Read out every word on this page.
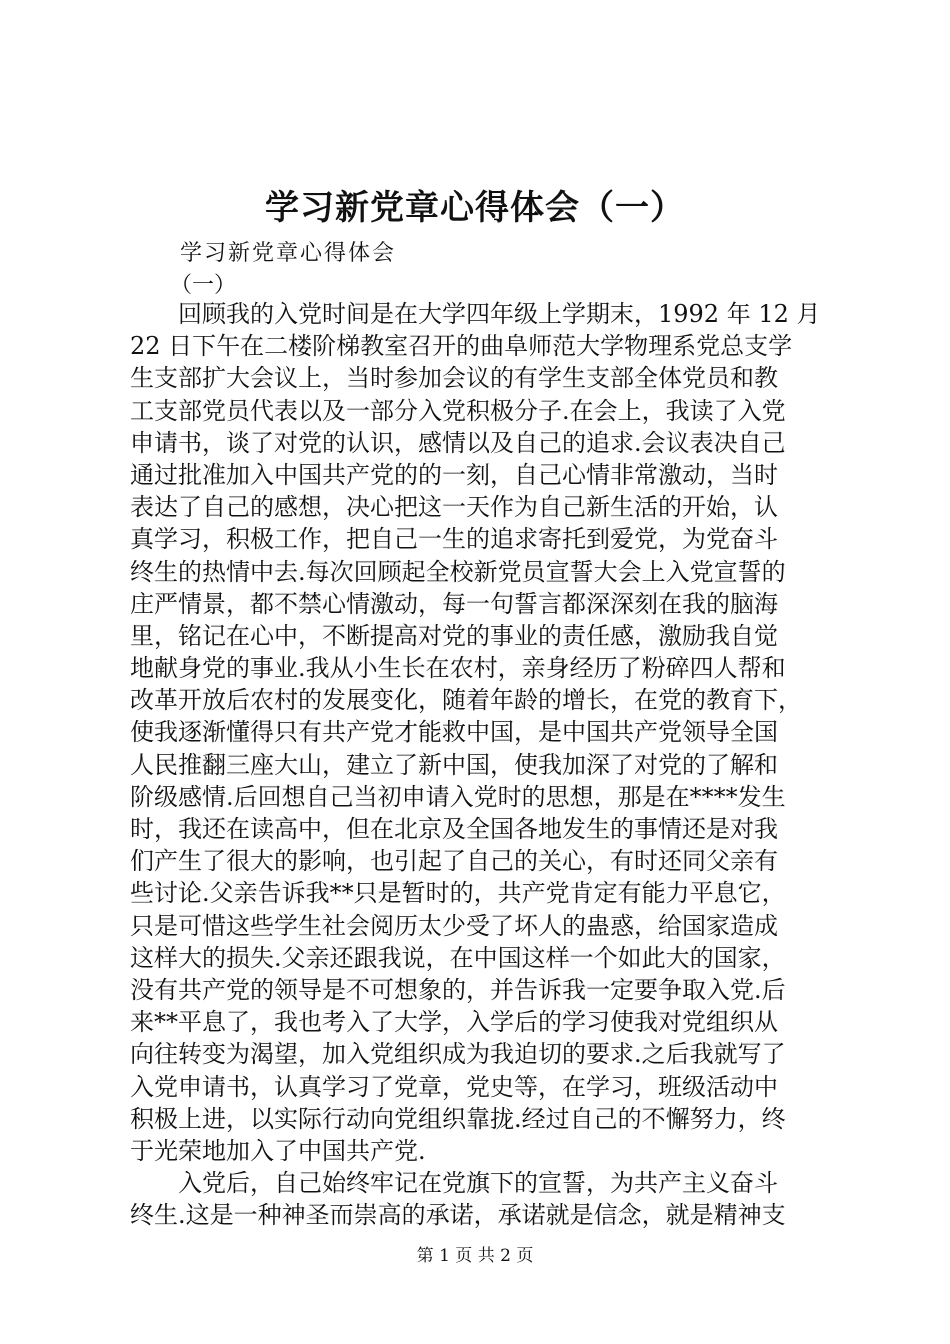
学习新党章心得体会（一）
学习新党章心得体会
（一）
回顾我的入党时间是在大学四年级上学期末，1992 年 12 月
22 日下午在二楼阶梯教室召开的曲阜师范大学物理系党总支学
生支部扩大会议上，当时参加会议的有学生支部全体党员和教
工支部党员代表以及一部分入党积极分子.在会上，我读了入党
申请书，谈了对党的认识，感情以及自己的追求.会议表决自己
通过批准加入中国共产党的的一刻，自己心情非常激动，当时
表达了自己的感想，决心把这一天作为自己新生活的开始，认
真学习，积极工作，把自己一生的追求寄托到爱党，为党奋斗
终生的热情中去.每次回顾起全校新党员宣誓大会上入党宣誓的
庄严情景，都不禁心情激动，每一句誓言都深深刻在我的脑海
里，铭记在心中，不断提高对党的事业的责任感，激励我自觉
地献身党的事业.我从小生长在农村，亲身经历了粉碎四人帮和
改革开放后农村的发展变化，随着年龄的增长，在党的教育下，
使我逐渐懂得只有共产党才能救中国，是中国共产党领导全国
人民推翻三座大山，建立了新中国，使我加深了对党的了解和
阶级感情.后回想自己当初申请入党时的思想，那是在****发生
时，我还在读高中，但在北京及全国各地发生的事情还是对我
们产生了很大的影响，也引起了自己的关心，有时还同父亲有
些讨论.父亲告诉我**只是暂时的，共产党肯定有能力平息它，
只是可惜这些学生社会阅历太少受了坏人的蛊惑，给国家造成
这样大的损失.父亲还跟我说，在中国这样一个如此大的国家，
没有共产党的领导是不可想象的，并告诉我一定要争取入党.后
来**平息了，我也考入了大学，入学后的学习使我对党组织从
向往转变为渴望，加入党组织成为我迫切的要求.之后我就写了
入党申请书，认真学习了党章，党史等，在学习，班级活动中
积极上进，以实际行动向党组织靠拢.经过自己的不懈努力，终
于光荣地加入了中国共产党.
入党后，自己始终牢记在党旗下的宣誓，为共产主义奋斗
终生.这是一种神圣而崇高的承诺，承诺就是信念，就是精神支
第 1 页 共 2 页
